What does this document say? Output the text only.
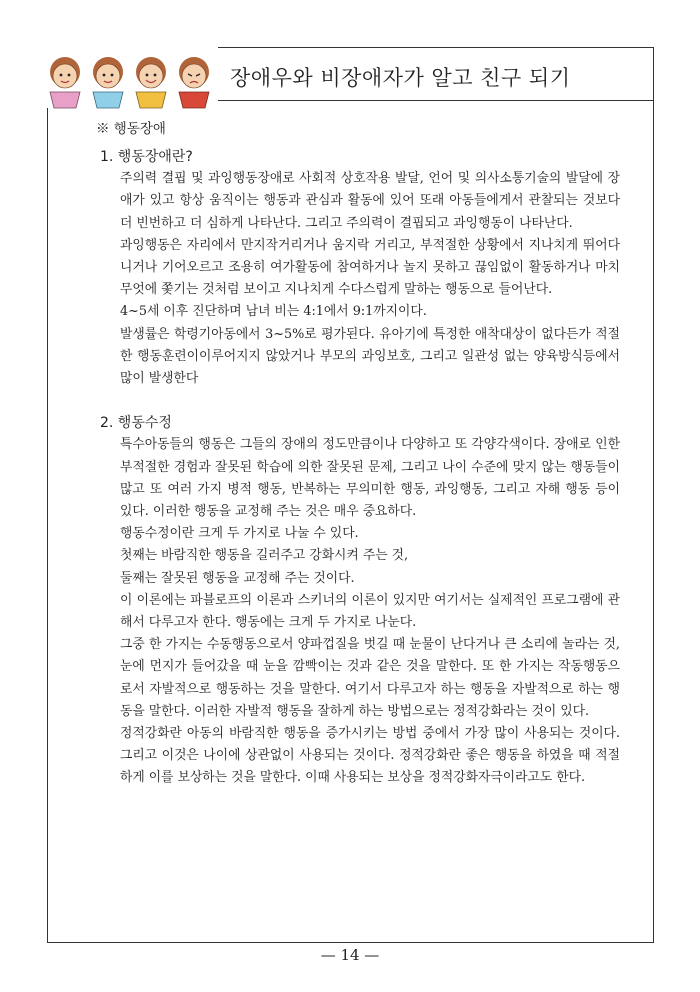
장애우와 비장애자가 알고 친구 되기
※ 행동장애
1. 행동장애란?

주의력 결핍 및 과잉행동장애로 사회적 상호작용 발달, 언어 및 의사소통기술의 발달에 장애가 있고 항상 움직이는 행동과 관심과 활동에 있어 또래 아동들에게서 관찰되는 것보다 더 빈번하고 더 심하게 나타난다. 그리고 주의력이 결핍되고 과잉행동이 나타난다.

과잉행동은 자리에서 만지작거리거나 움지락 거리고, 부적절한 상황에서 지나치게 뛰어다니거나 기어오르고 조용히 여가활동에 참여하거나 놀지 못하고 끊임없이 활동하거나 마치 무엇에 쫓기는 것처럼 보이고 지나치게 수다스럽게 말하는 행동으로 들어난다.

4~5세 이후 진단하며 남녀 비는 4:1에서 9:1까지이다.

발생률은 학령기아동에서 3~5%로 평가된다. 유아기에 특정한 애착대상이 없다든가 적절한 행동훈련이이루어지지 않았거나 부모의 과잉보호, 그리고 일관성 없는 양육방식등에서 많이 발생한다

2. 행동수정

특수아동들의 행동은 그들의 장애의 정도만큼이나 다양하고 또 각양각색이다. 장애로 인한 부적절한 경험과 잘못된 학습에 의한 잘못된 문제, 그리고 나이 수준에 맞지 않는 행동들이 많고 또 여러 가지 병적 행동, 반복하는 무의미한 행동, 과잉행동, 그리고 자해 행동 등이 있다. 이러한 행동을 교정해 주는 것은 매우 중요하다.

행동수정이란 크게 두 가지로 나눌 수 있다.

첫째는 바람직한 행동을 길러주고 강화시켜 주는 것,

둘째는 잘못된 행동을 교정해 주는 것이다.

이 이론에는 파블로프의 이론과 스키너의 이론이 있지만 여기서는 실제적인 프로그램에 관해서 다루고자 한다. 행동에는 크게 두 가지로 나눈다.

그중 한 가지는 수동행동으로서 양파껍질을 벗길 때 눈물이 난다거나 큰 소리에 놀라는 것, 눈에 먼지가 들어갔을 때 눈을 깜빡이는 것과 같은 것을 말한다. 또 한 가지는 작동행동으로서 자발적으로 행동하는 것을 말한다. 여기서 다루고자 하는 행동을 자발적으로 하는 행동을 말한다. 이러한 자발적 행동을 잘하게 하는 방법으로는 정적강화라는 것이 있다.

정적강화란 아동의 바람직한 행동을 증가시키는 방법 중에서 가장 많이 사용되는 것이다. 그리고 이것은 나이에 상관없이 사용되는 것이다. 정적강화란 좋은 행동을 하였을 때 적절하게 이를 보상하는 것을 말한다. 이때 사용되는 보상을 정적강화자극이라고도 한다.

— 14 —
